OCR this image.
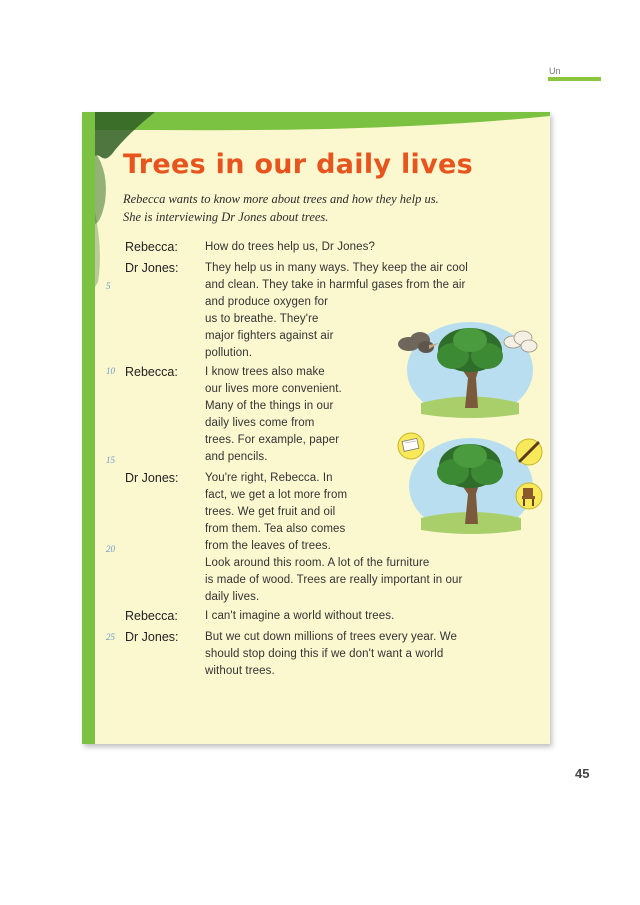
Un
Trees in our daily lives
Rebecca wants to know more about trees and how they help us.
She is interviewing Dr Jones about trees.
Rebecca:
Dr Jones:
Rebecca:
Dr Jones:
Rebecca:
Dr Jones:
5
10
15
20
25
How do trees help us, Dr Jones?
They help us in many ways. They keep the air cool
and clean. They take in harmful gases from the air
and produce oxygen for
us to breathe. They're
major fighters against air
pollution.
I know trees also make
our lives more convenient.
Many of the things in our
daily lives come from
trees. For example, paper
and pencils.
You're right, Rebecca. In
fact, we get a lot more from
trees. We get fruit and oil
from them. Tea also comes
from the leaves of trees.
Look around this room. A lot of the furniture
is made of wood. Trees are really important in our
daily lives.
I can't imagine a world without trees.
But we cut down millions of trees every year. We
should stop doing this if we don't want a world
without trees.
45
